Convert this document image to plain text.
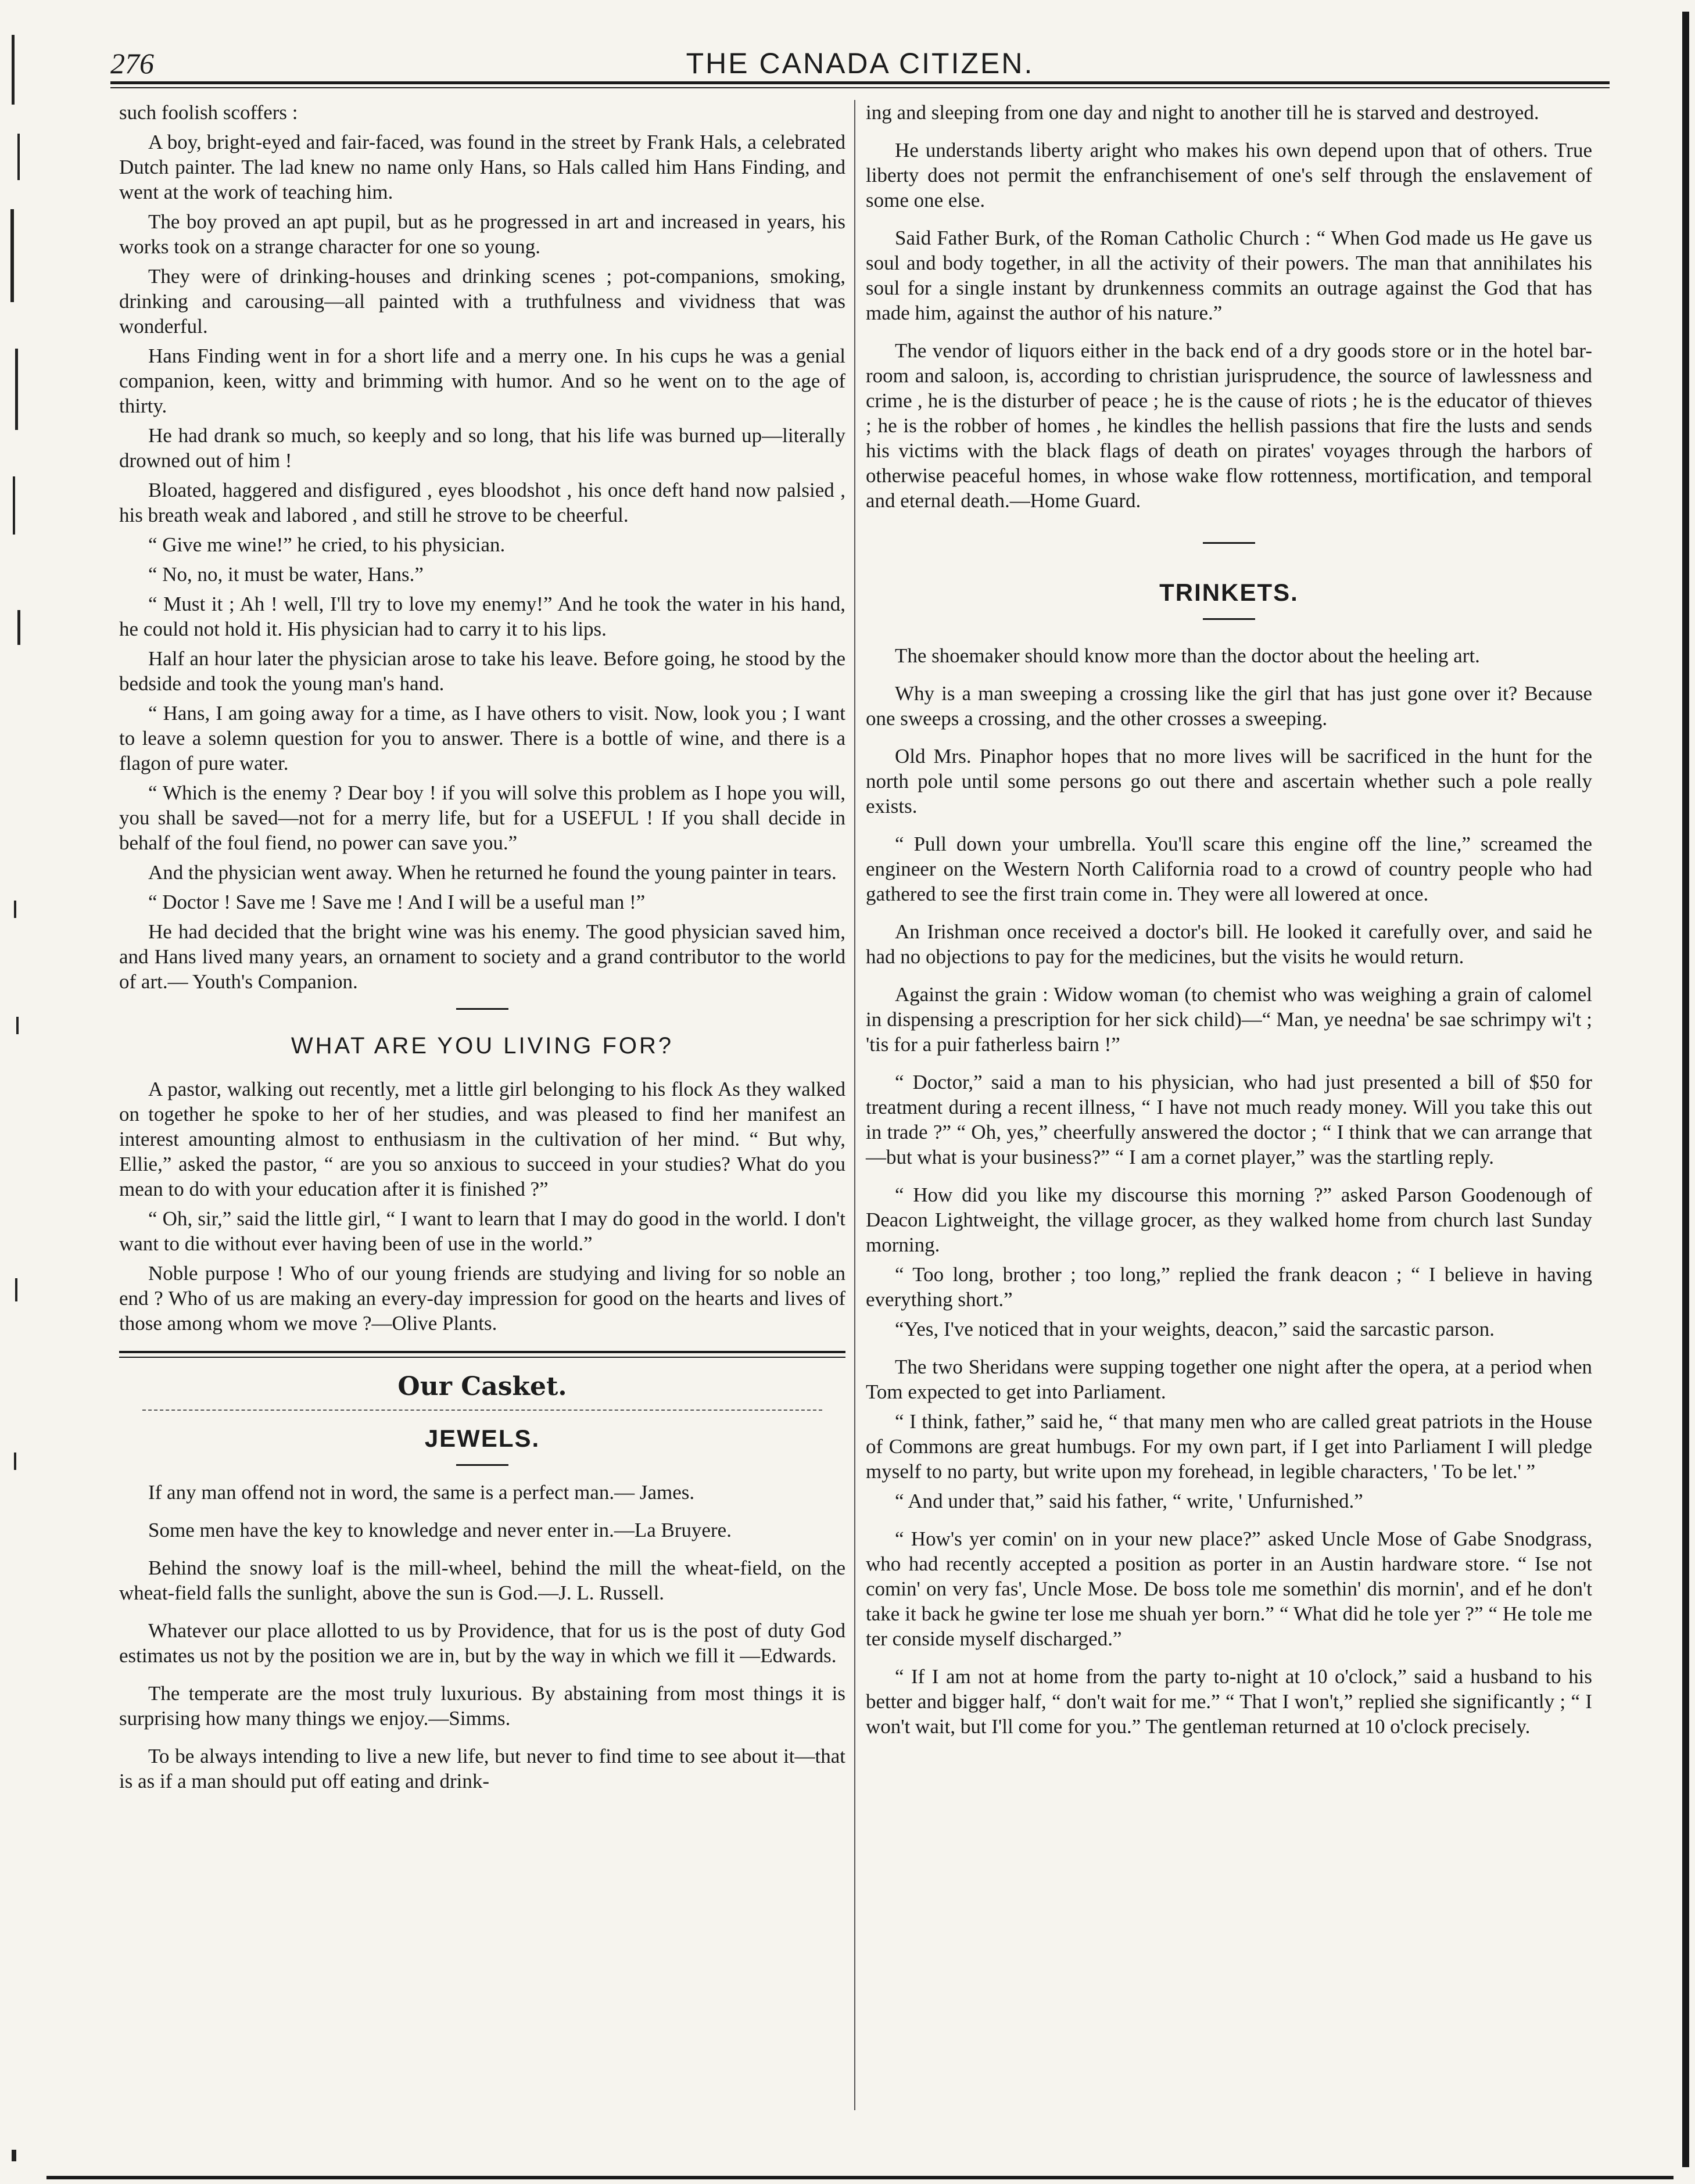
276	THE CANADA CITIZEN.

such foolish scoffers :

A boy, bright-eyed and fair-faced, was found in the street by Frank Hals, a celebrated Dutch painter. The lad knew no name only Hans, so Hals called him Hans Finding, and went at the work of teaching him.

The boy proved an apt pupil, but as he progressed in art and increased in years, his works took on a strange character for one so young.

They were of drinking-houses and drinking scenes ; pot-companions, smoking, drinking and carousing—all painted with a truthfulness and vividness that was wonderful.

Hans Finding went in for a short life and a merry one. In his cups he was a genial companion, keen, witty and brimming with humor. And so he went on to the age of thirty.

He had drank so much, so keeply and so long, that his life was burned up—literally drowned out of him !

Bloated, haggered and disfigured , eyes bloodshot , his once deft hand now palsied , his breath weak and labored , and still he strove to be cheerful.

“ Give me wine!” he cried, to his physician.

“ No, no, it must be water, Hans.”

“ Must it ; Ah ! well, I'll try to love my enemy!” And he took the water in his hand, he could not hold it. His physician had to carry it to his lips.

Half an hour later the physician arose to take his leave. Before going, he stood by the bedside and took the young man's hand.

“ Hans, I am going away for a time, as I have others to visit. Now, look you ; I want to leave a solemn question for you to answer. There is a bottle of wine, and there is a flagon of pure water.

“ Which is the enemy ? Dear boy ! if you will solve this problem as I hope you will, you shall be saved—not for a merry life, but for a USEFUL ! If you shall decide in behalf of the foul fiend, no power can save you.”

And the physician went away. When he returned he found the young painter in tears.

“ Doctor ! Save me ! Save me ! And I will be a useful man !”

He had decided that the bright wine was his enemy. The good physician saved him, and Hans lived many years, an ornament to society and a grand contributor to the world of art.— Youth's Companion.

WHAT ARE YOU LIVING FOR?

A pastor, walking out recently, met a little girl belonging to his flock As they walked on together he spoke to her of her studies, and was pleased to find her manifest an interest amounting almost to enthusiasm in the cultivation of her mind. “ But why, Ellie,” asked the pastor, “ are you so anxious to succeed in your studies? What do you mean to do with your education after it is finished ?”

“ Oh, sir,” said the little girl, “ I want to learn that I may do good in the world. I don't want to die without ever having been of use in the world.”

Noble purpose ! Who of our young friends are studying and living for so noble an end ? Who of us are making an every-day impression for good on the hearts and lives of those among whom we move ?—Olive Plants.

Our Casket.
JEWELS.

If any man offend not in word, the same is a perfect man.— James.

Some men have the key to knowledge and never enter in.—La Bruyere.

Behind the snowy loaf is the mill-wheel, behind the mill the wheat-field, on the wheat-field falls the sunlight, above the sun is God.—J. L. Russell.

Whatever our place allotted to us by Providence, that for us is the post of duty God estimates us not by the position we are in, but by the way in which we fill it —Edwards.

The temperate are the most truly luxurious. By abstaining from most things it is surprising how many things we enjoy.—Simms.

To be always intending to live a new life, but never to find time to see about it—that is as if a man should put off eating and drink-

ing and sleeping from one day and night to another till he is starved and destroyed.

He understands liberty aright who makes his own depend upon that of others. True liberty does not permit the enfranchisement of one's self through the enslavement of some one else.

Said Father Burk, of the Roman Catholic Church : “ When God made us He gave us soul and body together, in all the activity of their powers. The man that annihilates his soul for a single instant by drunkenness commits an outrage against the God that has made him, against the author of his nature.”

The vendor of liquors either in the back end of a dry goods store or in the hotel bar-room and saloon, is, according to christian jurisprudence, the source of lawlessness and crime , he is the disturber of peace ; he is the cause of riots ; he is the educator of thieves ; he is the robber of homes , he kindles the hellish passions that fire the lusts and sends his victims with the black flags of death on pirates' voyages through the harbors of otherwise peaceful homes, in whose wake flow rottenness, mortification, and temporal and eternal death.—Home Guard.

TRINKETS.

The shoemaker should know more than the doctor about the heeling art.

Why is a man sweeping a crossing like the girl that has just gone over it? Because one sweeps a crossing, and the other crosses a sweeping.

Old Mrs. Pinaphor hopes that no more lives will be sacrificed in the hunt for the north pole until some persons go out there and ascertain whether such a pole really exists.

“ Pull down your umbrella. You'll scare this engine off the line,” screamed the engineer on the Western North California road to a crowd of country people who had gathered to see the first train come in. They were all lowered at once.

An Irishman once received a doctor's bill. He looked it carefully over, and said he had no objections to pay for the medicines, but the visits he would return.

Against the grain : Widow woman (to chemist who was weighing a grain of calomel in dispensing a prescription for her sick child)—“ Man, ye needna' be sae schrimpy wi't ; 'tis for a puir fatherless bairn !”

“ Doctor,” said a man to his physician, who had just presented a bill of $50 for treatment during a recent illness, “ I have not much ready money. Will you take this out in trade ?” “ Oh, yes,” cheerfully answered the doctor ; “ I think that we can arrange that—but what is your business?” “ I am a cornet player,” was the startling reply.

“ How did you like my discourse this morning ?” asked Parson Goodenough of Deacon Lightweight, the village grocer, as they walked home from church last Sunday morning.

“ Too long, brother ; too long,” replied the frank deacon ; “ I believe in having everything short.”

“Yes, I've noticed that in your weights, deacon,” said the sarcastic parson.

The two Sheridans were supping together one night after the opera, at a period when Tom expected to get into Parliament.

“ I think, father,” said he, “ that many men who are called great patriots in the House of Commons are great humbugs. For my own part, if I get into Parliament I will pledge myself to no party, but write upon my forehead, in legible characters, ' To be let.' ”

“ And under that,” said his father, “ write, ' Unfurnished.”

“ How's yer comin' on in your new place?” asked Uncle Mose of Gabe Snodgrass, who had recently accepted a position as porter in an Austin hardware store. “ Ise not comin' on very fas', Uncle Mose. De boss tole me somethin' dis mornin', and ef he don't take it back he gwine ter lose me shuah yer born.” “ What did he tole yer ?” “ He tole me ter conside myself discharged.”

“ If I am not at home from the party to-night at 10 o'clock,” said a husband to his better and bigger half, “ don't wait for me.” “ That I won't,” replied she significantly ; “ I won't wait, but I'll come for you.” The gentleman returned at 10 o'clock precisely.
